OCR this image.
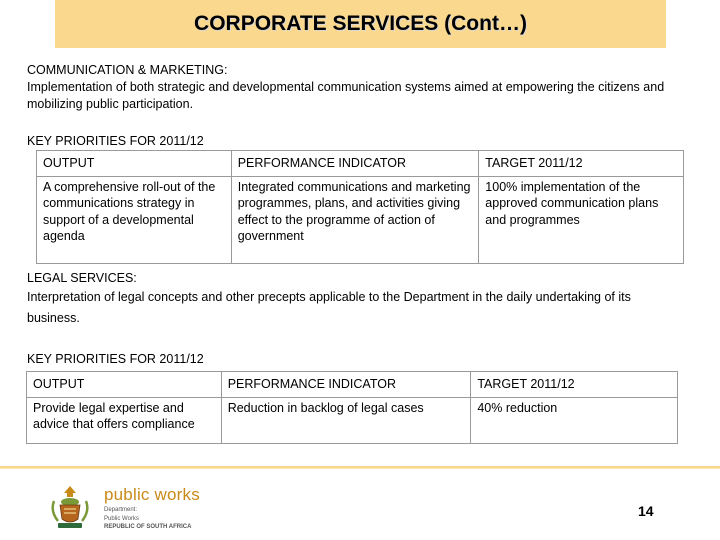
CORPORATE SERVICES (Cont…)
COMMUNICATION & MARKETING:
Implementation of both strategic and developmental communication systems aimed at empowering the citizens and mobilizing public participation.
KEY PRIORITIES FOR 2011/12
OUTPUT	PERFORMANCE INDICATOR	TARGET 2011/12
A comprehensive roll-out of the communications strategy in support of a developmental agenda	Integrated communications and marketing programmes, plans, and activities giving effect to the programme of action of government	100% implementation of the approved communication plans and programmes
LEGAL SERVICES:
Interpretation of legal concepts and other precepts applicable to the Department in the daily undertaking of its business.
KEY PRIORITIES FOR 2011/12
OUTPUT	PERFORMANCE INDICATOR	TARGET 2011/12
Provide legal expertise and advice that offers compliance	Reduction in backlog of legal cases	40% reduction
public works
Department:
Public Works
REPUBLIC OF SOUTH AFRICA
14
